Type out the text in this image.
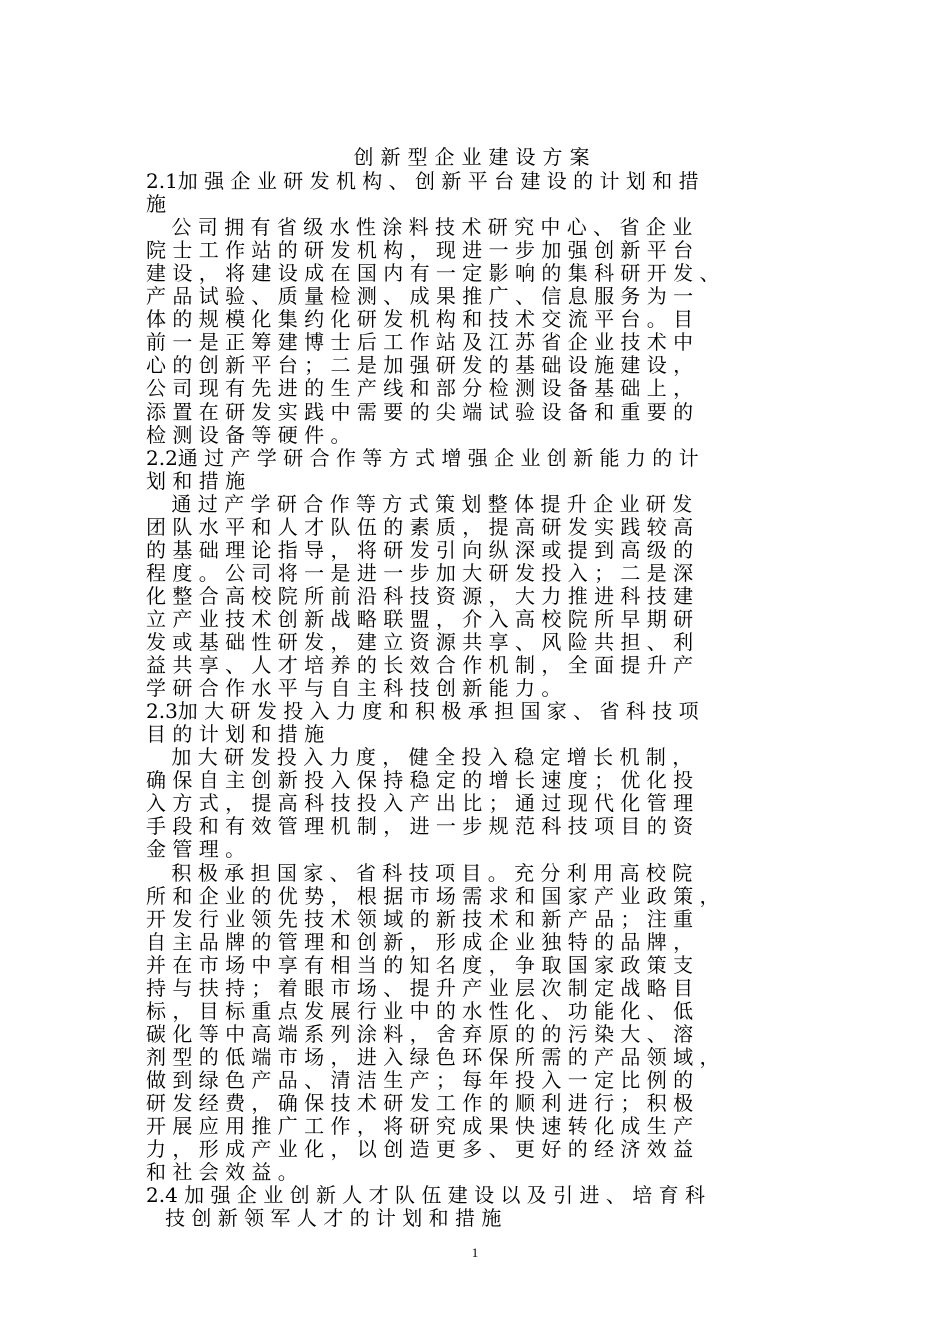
创新型企业建设方案
2.1加 强 企 业 研 发 机 构 、 创 新 平 台 建 设 的 计 划 和 措
施
公 司 拥 有 省 级 水 性 涂 料 技 术 研 究 中 心 、 省 企 业
院 士 工 作 站 的 研 发 机 构 ， 现 进 一 步 加 强 创 新 平 台
建 设 ， 将 建 设 成 在 国 内 有 一 定 影 响 的 集 科 研 开 发 、
产 品 试 验 、 质 量 检 测 、 成 果 推 广 、 信 息 服 务 为 一
体 的 规 模 化 集 约 化 研 发 机 构 和 技 术 交 流 平 台 。 目
前 一 是 正 筹 建 博 士 后 工 作 站 及 江 苏 省 企 业 技 术 中
心 的 创 新 平 台 ； 二 是 加 强 研 发 的 基 础 设 施 建 设 ，
公 司 现 有 先 进 的 生 产 线 和 部 分 检 测 设 备 基 础 上 ，
添 置 在 研 发 实 践 中 需 要 的 尖 端 试 验 设 备 和 重 要 的
检 测 设 备 等 硬 件 。
2.2通 过 产 学 研 合 作 等 方 式 增 强 企 业 创 新 能 力 的 计
划 和 措 施
通 过 产 学 研 合 作 等 方 式 策 划 整 体 提 升 企 业 研 发
团 队 水 平 和 人 才 队 伍 的 素 质 ， 提 高 研 发 实 践 较 高
的 基 础 理 论 指 导 ， 将 研 发 引 向 纵 深 或 提 到 高 级 的
程 度 。 公 司 将 一 是 进 一 步 加 大 研 发 投 入 ； 二 是 深
化 整 合 高 校 院 所 前 沿 科 技 资 源 ， 大 力 推 进 科 技 建
立 产 业 技 术 创 新 战 略 联 盟 ， 介 入 高 校 院 所 早 期 研
发 或 基 础 性 研 发 ， 建 立 资 源 共 享 、 风 险 共 担 、 利
益 共 享 、 人 才 培 养 的 长 效 合 作 机 制 ， 全 面 提 升 产
学 研 合 作 水 平 与 自 主 科 技 创 新 能 力 。
2.3加 大 研 发 投 入 力 度 和 积 极 承 担 国 家 、 省 科 技 项
目 的 计 划 和 措 施
加 大 研 发 投 入 力 度 ， 健 全 投 入 稳 定 增 长 机 制 ，
确 保 自 主 创 新 投 入 保 持 稳 定 的 增 长 速 度 ； 优 化 投
入 方 式 ， 提 高 科 技 投 入 产 出 比 ； 通 过 现 代 化 管 理
手 段 和 有 效 管 理 机 制 ， 进 一 步 规 范 科 技 项 目 的 资
金 管 理 。
积 极 承 担 国 家 、 省 科 技 项 目 。 充 分 利 用 高 校 院
所 和 企 业 的 优 势 ， 根 据 市 场 需 求 和 国 家 产 业 政 策 ，
开 发 行 业 领 先 技 术 领 域 的 新 技 术 和 新 产 品 ； 注 重
自 主 品 牌 的 管 理 和 创 新 ， 形 成 企 业 独 特 的 品 牌 ，
并 在 市 场 中 享 有 相 当 的 知 名 度 ， 争 取 国 家 政 策 支
持 与 扶 持 ； 着 眼 市 场 、 提 升 产 业 层 次 制 定 战 略 目
标 ， 目 标 重 点 发 展 行 业 中 的 水 性 化 、 功 能 化 、 低
碳 化 等 中 高 端 系 列 涂 料 ， 舍 弃 原 的 的 污 染 大 、 溶
剂 型 的 低 端 市 场 ， 进 入 绿 色 环 保 所 需 的 产 品 领 域 ，
做 到 绿 色 产 品 、 清 洁 生 产 ； 每 年 投 入 一 定 比 例 的
研 发 经 费 ， 确 保 技 术 研 发 工 作 的 顺 利 进 行 ； 积 极
开 展 应 用 推 广 工 作 ， 将 研 究 成 果 快 速 转 化 成 生 产
力 ， 形 成 产 业 化 ， 以 创 造 更 多 、 更 好 的 经 济 效 益
和 社 会 效 益 。
2.4 加 强 企 业 创 新 人 才 队 伍 建 设 以 及 引 进 、 培 育 科
技 创 新 领 军 人 才 的 计 划 和 措 施
1
